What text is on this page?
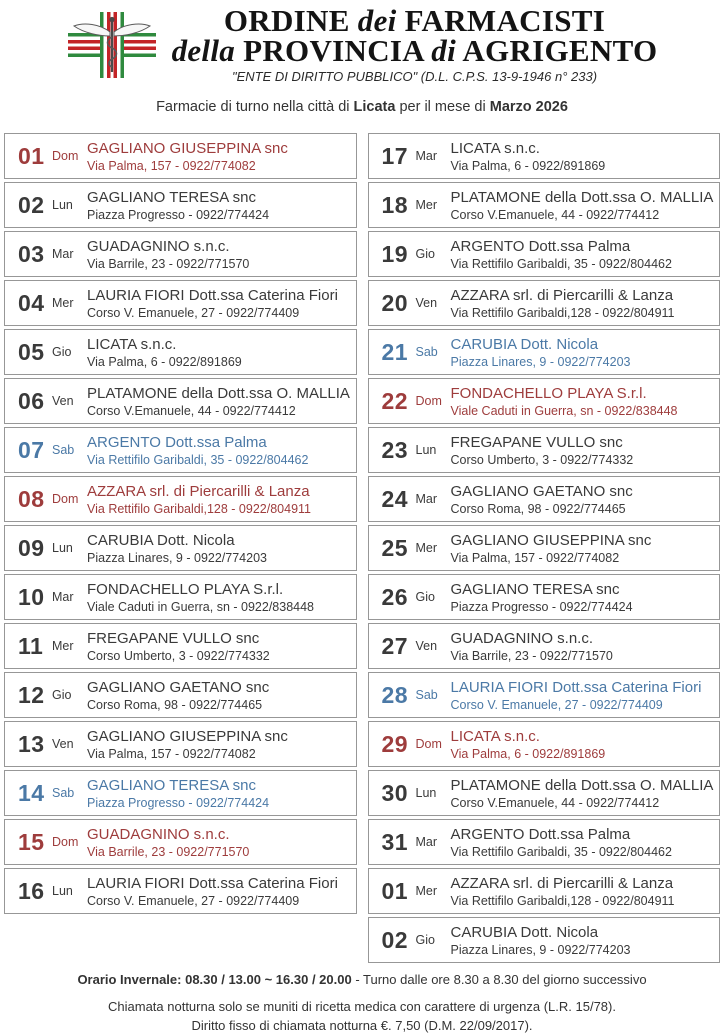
ORDINE dei FARMACISTI
della PROVINCIA di AGRIGENTO
"ENTE DI DIRITTO PUBBLICO" (D.L. C.P.S. 13-9-1946 n° 233)
Farmacie di turno nella città di Licata per il mese di Marzo 2026
01 Dom GAGLIANO GIUSEPPINA snc
Via Palma, 157 - 0922/774082
02 Lun GAGLIANO TERESA snc
Piazza Progresso - 0922/774424
03 Mar GUADAGNINO s.n.c.
Via Barrile, 23 - 0922/771570
04 Mer LAURIA FIORI Dott.ssa Caterina Fiori
Corso V. Emanuele, 27 - 0922/774409
05 Gio	LICATA s.n.c.
Via Palma, 6 - 0922/891869
06 Ven PLATAMONE della Dott.ssa O. MALLIA
Corso V.Emanuele, 44 - 0922/774412
07 Sab ARGENTO Dott.ssa Palma
Via Rettifilo Garibaldi, 35 - 0922/804462
08 Dom AZZARA srl. di Piercarilli & Lanza
Via Rettifilo Garibaldi,128 - 0922/804911
09 Lun CARUBIA Dott. Nicola
Piazza Linares, 9 - 0922/774203
10 Mar FONDACHELLO PLAYA S.r.l.
Viale Caduti in Guerra, sn - 0922/838448
11 Mer FREGAPANE VULLO snc
Corso Umberto, 3 - 0922/774332
12 Gio	GAGLIANO GAETANO snc
Corso Roma, 98 - 0922/774465
13 Ven GAGLIANO GIUSEPPINA snc
Via Palma, 157 - 0922/774082
14 Sab GAGLIANO TERESA snc
Piazza Progresso - 0922/774424
15 Dom GUADAGNINO s.n.c.
Via Barrile, 23 - 0922/771570
16 Lun LAURIA FIORI Dott.ssa Caterina Fiori
Corso V. Emanuele, 27 - 0922/774409
17 Mar LICATA s.n.c.
Via Palma, 6 - 0922/891869
18 Mer PLATAMONE della Dott.ssa O. MALLIA
Corso V.Emanuele, 44 - 0922/774412
19 Gio	ARGENTO Dott.ssa Palma
Via Rettifilo Garibaldi, 35 - 0922/804462
20 Ven AZZARA srl. di Piercarilli & Lanza
Via Rettifilo Garibaldi,128 - 0922/804911
21 Sab CARUBIA Dott. Nicola
Piazza Linares, 9 - 0922/774203
22 Dom FONDACHELLO PLAYA S.r.l.
Viale Caduti in Guerra, sn - 0922/838448
23 Lun FREGAPANE VULLO snc
Corso Umberto, 3 - 0922/774332
24 Mar GAGLIANO GAETANO snc
Corso Roma, 98 - 0922/774465
25 Mer GAGLIANO GIUSEPPINA snc
Via Palma, 157 - 0922/774082
26 Gio	GAGLIANO TERESA snc
Piazza Progresso - 0922/774424
27 Ven GUADAGNINO s.n.c.
Via Barrile, 23 - 0922/771570
28 Sab LAURIA FIORI Dott.ssa Caterina Fiori
Corso V. Emanuele, 27 - 0922/774409
29 Dom LICATA s.n.c.
Via Palma, 6 - 0922/891869
30 Lun PLATAMONE della Dott.ssa O. MALLIA
Corso V.Emanuele, 44 - 0922/774412
31 Mar ARGENTO Dott.ssa Palma
Via Rettifilo Garibaldi, 35 - 0922/804462
01 Mer AZZARA srl. di Piercarilli & Lanza
Via Rettifilo Garibaldi,128 - 0922/804911
02 Gio	CARUBIA Dott. Nicola
Piazza Linares, 9 - 0922/774203
Orario Invernale: 08.30 / 13.00 ~ 16.30 / 20.00 - Turno dalle ore 8.30 a 8.30 del giorno successivo
Chiamata notturna solo se muniti di ricetta medica con carattere di urgenza (L.R. 15/78).
Diritto fisso di chiamata notturna €. 7,50 (D.M. 22/09/2017).
